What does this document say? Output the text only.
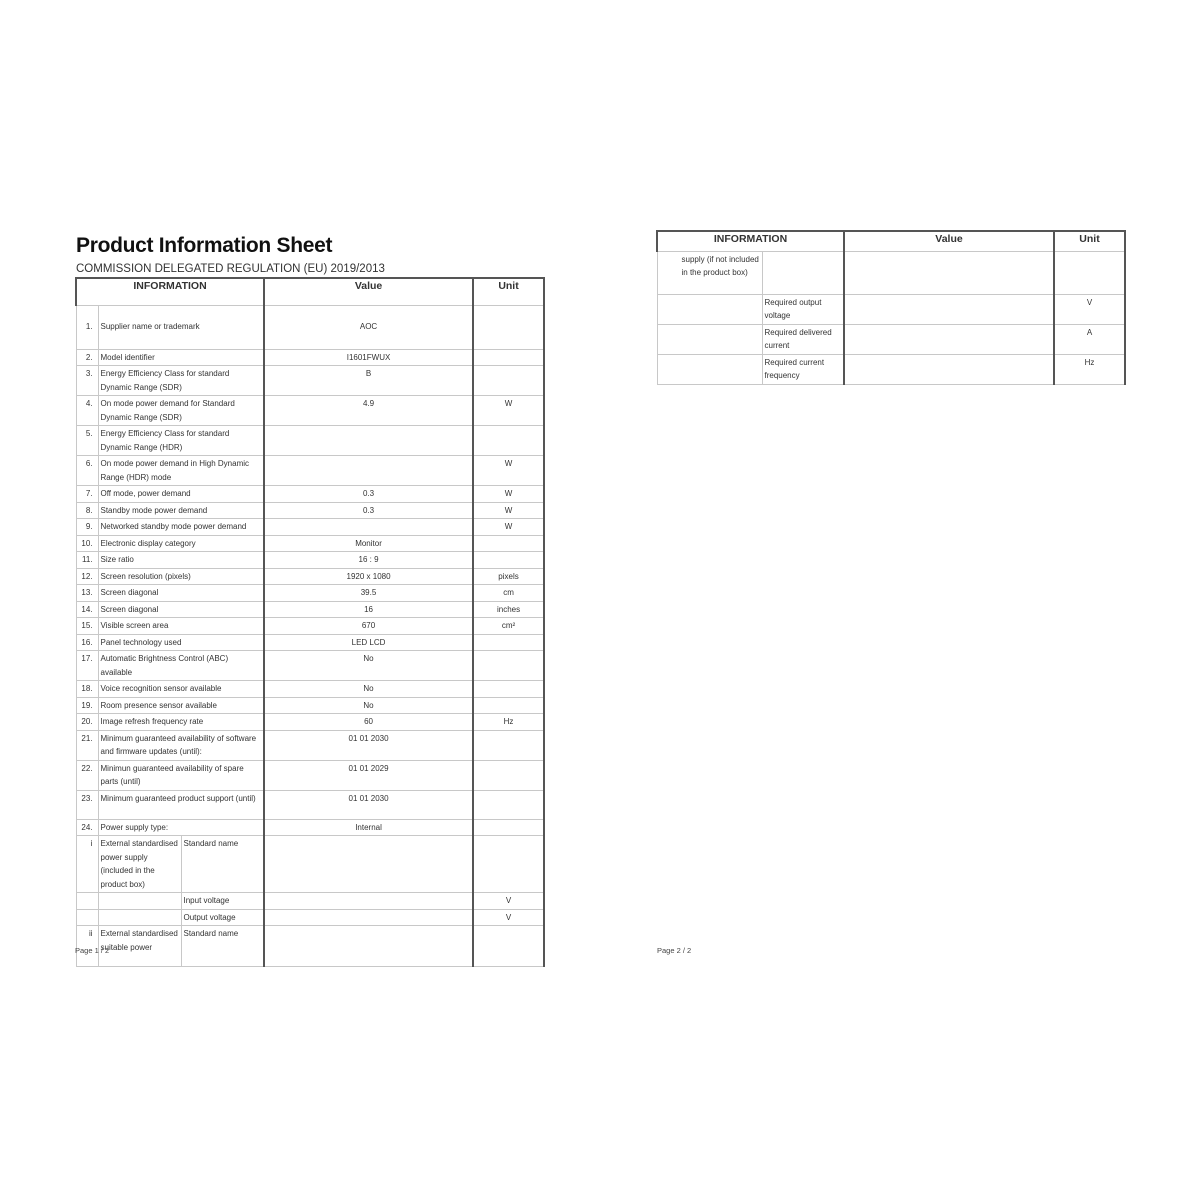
Product Information Sheet
COMMISSION DELEGATED REGULATION (EU) 2019/2013
INFORMATION			Value	Unit
1.	Supplier name or trademark		AOC	
2.	Model identifier		I1601FWUX	
3.	Energy Efficiency Class for standard Dynamic Range (SDR)		B	
4.	On mode power demand for Standard Dynamic Range (SDR)		4.9	W
5.	Energy Efficiency Class for standard Dynamic Range (HDR)			
6.	On mode power demand in High Dynamic Range (HDR) mode			W
7.	Off mode, power demand		0.3	W
8.	Standby mode power demand		0.3	W
9.	Networked standby mode power demand			W
10.	Electronic display category		Monitor	
11.	Size ratio		16 : 9	
12.	Screen resolution (pixels)		1920 x 1080	pixels
13.	Screen diagonal		39.5	cm
14.	Screen diagonal		16	inches
15.	Visible screen area		670	cm²
16.	Panel technology used		LED LCD	
17.	Automatic Brightness Control (ABC) available		No	
18.	Voice recognition sensor available		No	
19.	Room presence sensor available		No	
20.	Image refresh frequency rate		60	Hz
21.	Minimum guaranteed availability of software and firmware updates (until):		01 01 2030	
22.	Minimun guaranteed availability of spare parts (until)		01 01 2029	
23.	Minimum guaranteed product support (until)		01 01 2030	
24.	Power supply type:		Internal	
i	External standardised power supply (included in the product box)	Standard name		
		Input voltage		V
		Output voltage		V
ii	External standardised suitable power	Standard name		
Page 1 / 2
INFORMATION		Value	Unit
supply (if not included in the product box)			
	Required output voltage		V
	Required delivered current		A
	Required current frequency		Hz
Page 2 / 2
